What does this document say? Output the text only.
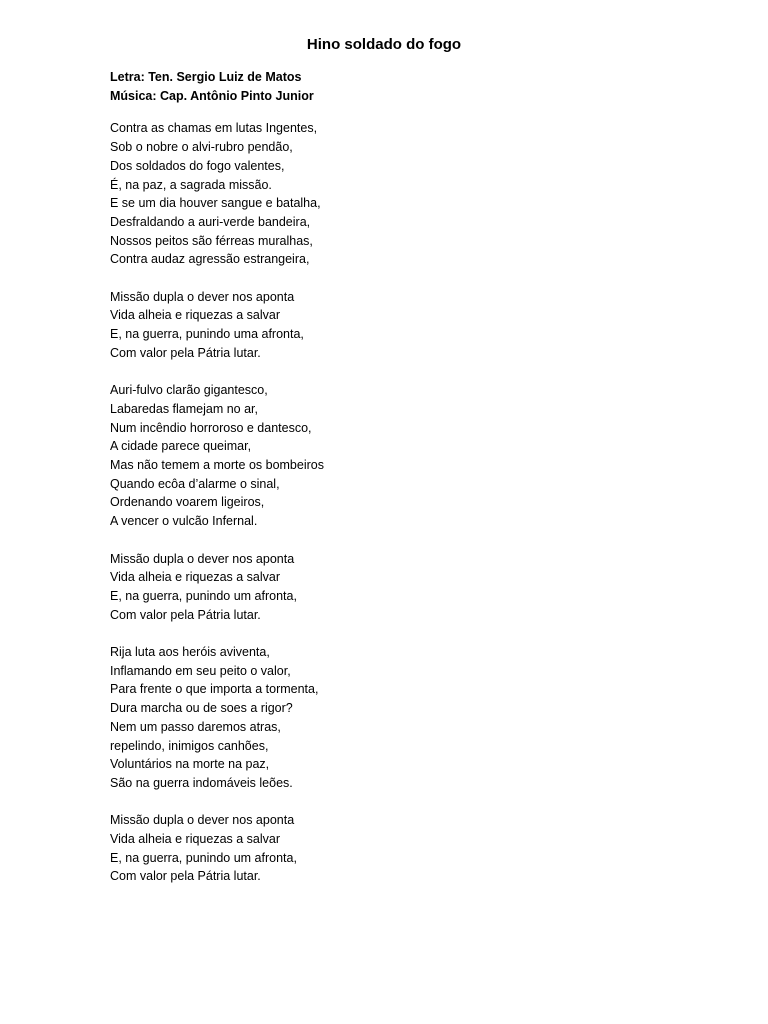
Hino soldado do fogo
Letra: Ten. Sergio Luiz de Matos
Música: Cap. Antônio Pinto Junior
Contra as chamas em lutas Ingentes,
Sob o nobre o alvi-rubro pendão,
Dos soldados do fogo valentes,
É, na paz, a sagrada missão.
E se um dia houver sangue e batalha,
Desfraldando a auri-verde bandeira,
Nossos peitos são férreas muralhas,
Contra audaz agressão estrangeira,
Missão dupla o dever nos aponta
Vida alheia e riquezas a salvar
E, na guerra, punindo uma afronta,
Com valor pela Pátria lutar.
Auri-fulvo clarão gigantesco,
Labaredas flamejam no ar,
Num incêndio horroroso e dantesco,
A cidade parece queimar,
Mas não temem a morte os bombeiros
Quando ecôa d’alarme o sinal,
Ordenando voarem ligeiros,
A vencer o vulcão Infernal.
Missão dupla o dever nos aponta
Vida alheia e riquezas a salvar
E, na guerra, punindo um afronta,
Com valor pela Pátria lutar.
Rija luta aos heróis aviventa,
Inflamando em seu peito o valor,
Para frente o que importa a tormenta,
Dura marcha ou de soes a rigor?
Nem um passo daremos atras,
repelindo, inimigos canhões,
Voluntários na morte na paz,
São na guerra indomáveis leões.
Missão dupla o dever nos aponta
Vida alheia e riquezas a salvar
E, na guerra, punindo um afronta,
Com valor pela Pátria lutar.
